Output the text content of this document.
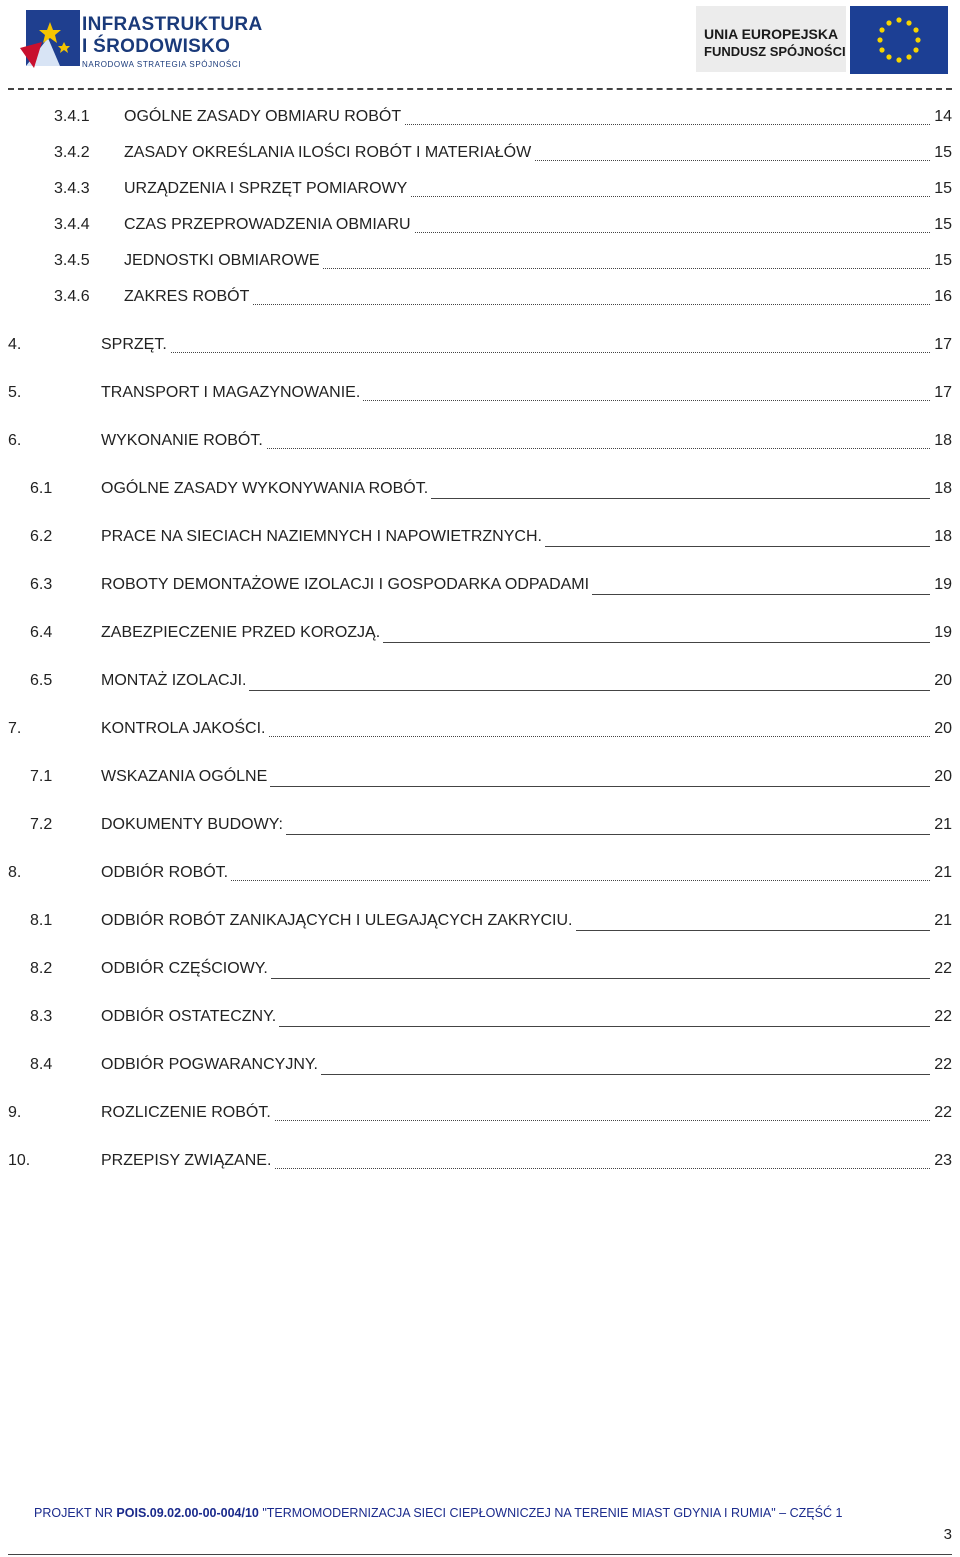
INFRASTRUKTURA
I ŚRODOWISKO
NARODOWA STRATEGIA SPÓJNOŚCI
UNIA EUROPEJSKA
FUNDUSZ SPÓJNOŚCI
3.4.1 OGÓLNE ZASADY OBMIARU ROBÓT	14
3.4.2 ZASADY OKREŚLANIA ILOŚCI ROBÓT I MATERIAŁÓW	15
3.4.3 URZĄDZENIA I SPRZĘT POMIAROWY	15
3.4.4 CZAS PRZEPROWADZENIA OBMIARU	15
3.4.5 JEDNOSTKI OBMIAROWE	15
3.4.6 ZAKRES ROBÓT	16
4.	SPRZĘT.	17
5.	TRANSPORT I MAGAZYNOWANIE.	17
6.	WYKONANIE ROBÓT.	18
6.1	OGÓLNE ZASADY WYKONYWANIA ROBÓT.	18
6.2	PRACE NA SIECIACH NAZIEMNYCH I NAPOWIETRZNYCH.	18
6.3	ROBOTY DEMONTAŻOWE IZOLACJI I GOSPODARKA ODPADAMI	19
6.4	ZABEZPIECZENIE PRZED KOROZJĄ.	19
6.5	MONTAŻ IZOLACJI.	20
7.	KONTROLA JAKOŚCI.	20
7.1	WSKAZANIA OGÓLNE	20
7.2	DOKUMENTY BUDOWY:	21
8.	ODBIÓR ROBÓT.	21
8.1	ODBIÓR ROBÓT ZANIKAJĄCYCH I ULEGAJĄCYCH ZAKRYCIU.	21
8.2	ODBIÓR CZĘŚCIOWY.	22
8.3	ODBIÓR OSTATECZNY.	22
8.4	ODBIÓR POGWARANCYJNY.	22
9.	ROZLICZENIE ROBÓT.	22
10.	PRZEPISY ZWIĄZANE.	23
PROJEKT NR POIS.09.02.00-00-004/10 "TERMOMODERNIZACJA SIECI CIEPŁOWNICZEJ NA TERENIE MIAST GDYNIA I RUMIA" – CZĘŚĆ 1
3
